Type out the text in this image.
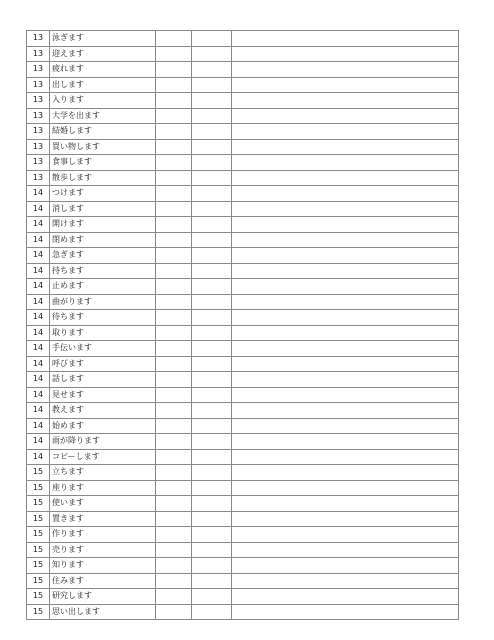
13	泳ぎます			
13	迎えます			
13	疲れます			
13	出します			
13	入ります			
13	大学を出ます			
13	結婚します			
13	買い物します			
13	食事します			
13	散歩します			
14	つけます			
14	消します			
14	開けます			
14	閉めます			
14	急ぎます			
14	持ちます			
14	止めます			
14	曲がります			
14	待ちます			
14	取ります			
14	手伝います			
14	呼びます			
14	話します			
14	見せます			
14	教えます			
14	始めます			
14	雨が降ります			
14	コピーします			
15	立ちます			
15	座ります			
15	使います			
15	置きます			
15	作ります			
15	売ります			
15	知ります			
15	住みます			
15	研究します			
15	思い出します			
